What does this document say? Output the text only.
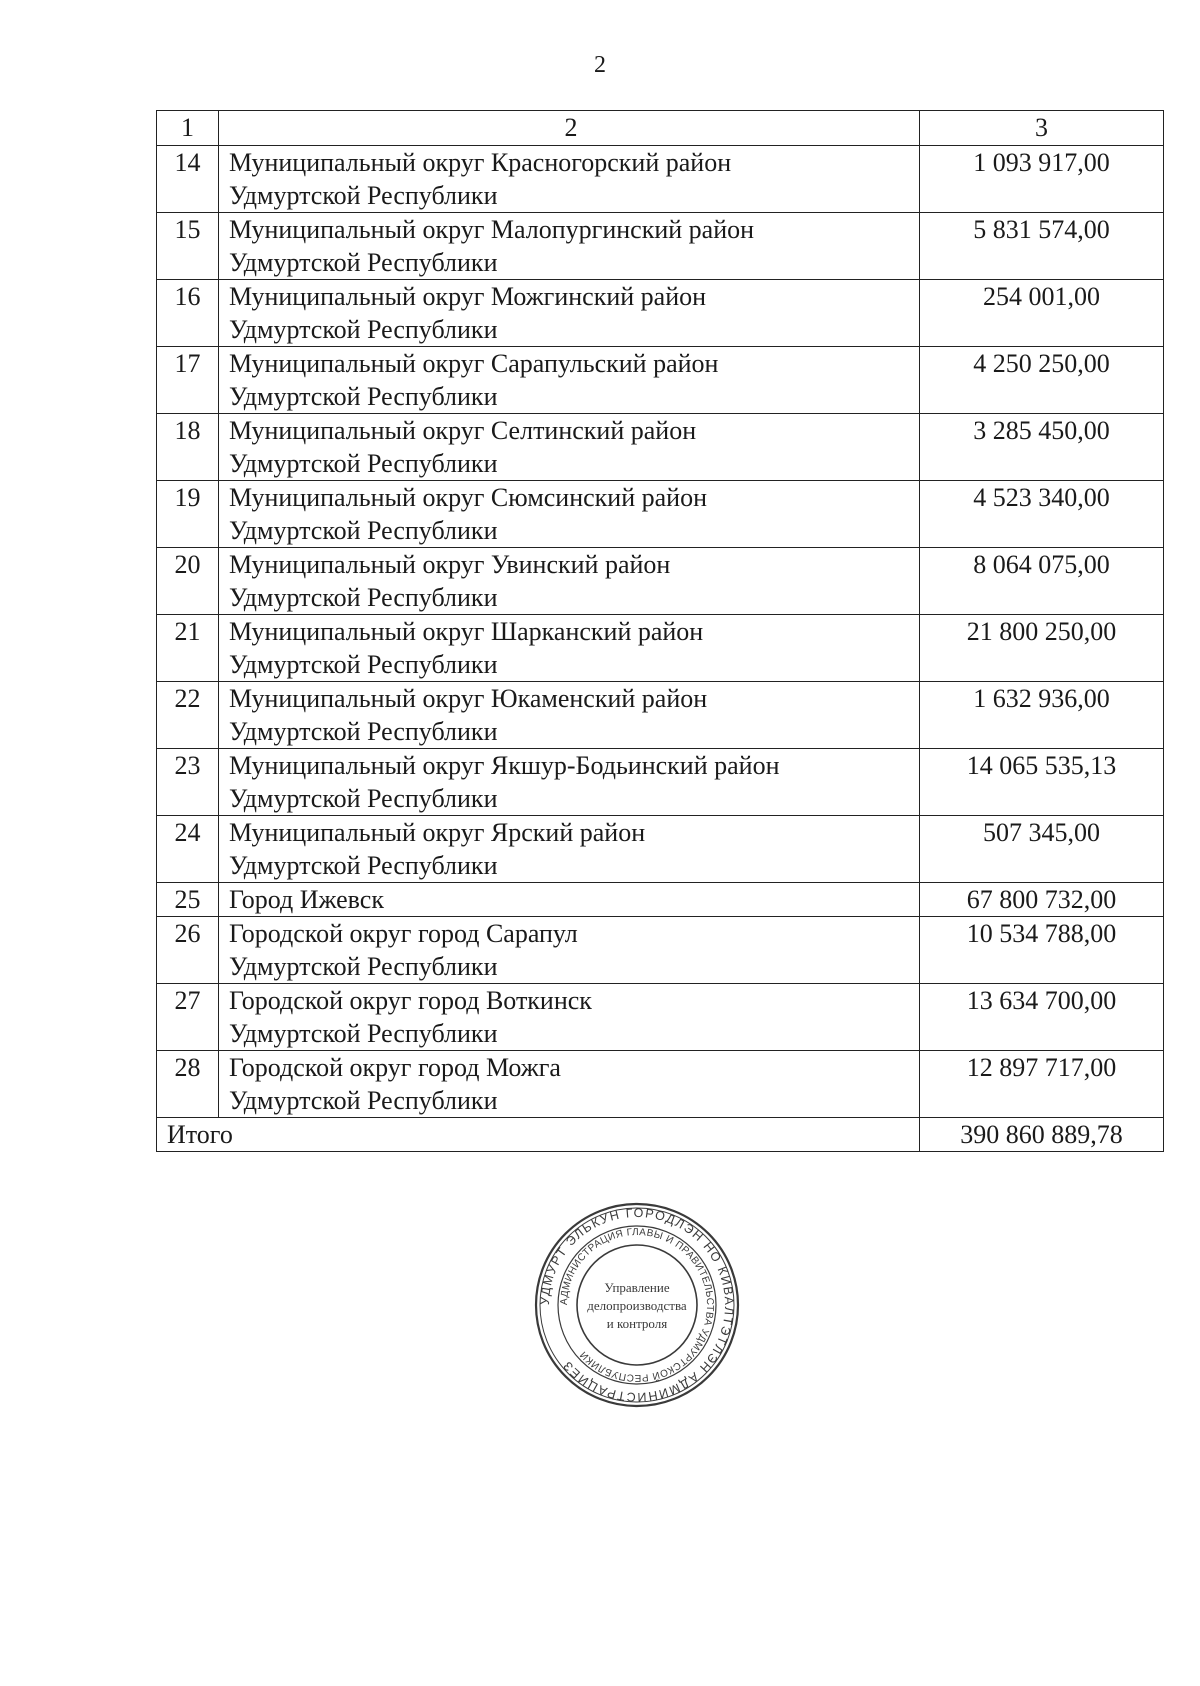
2
1	2	3
14	Муниципальный округ Красногорский район
Удмуртской Республики	1 093 917,00
15	Муниципальный округ Малопургинский район
Удмуртской Республики	5 831 574,00
16	Муниципальный округ Можгинский район
Удмуртской Республики	254 001,00
17	Муниципальный округ Сарапульский район
Удмуртской Республики	4 250 250,00
18	Муниципальный округ Селтинский район
Удмуртской Республики	3 285 450,00
19	Муниципальный округ Сюмсинский район
Удмуртской Республики	4 523 340,00
20	Муниципальный округ Увинский район
Удмуртской Республики	8 064 075,00
21	Муниципальный округ Шарканский район
Удмуртской Республики	21 800 250,00
22	Муниципальный округ Юкаменский район
Удмуртской Республики	1 632 936,00
23	Муниципальный округ Якшур-Бодьинский район
Удмуртской Республики	14 065 535,13
24	Муниципальный округ Ярский район
Удмуртской Республики	507 345,00
25	Город Ижевск	67 800 732,00
26	Городской округ город Сарапул
Удмуртской Республики	10 534 788,00
27	Городской округ город Воткинск
Удмуртской Республики	13 634 700,00
28	Городской округ город Можга
Удмуртской Республики	12 897 717,00
Итого		390 860 889,78
УДМУРТ ЭЛЬКУН ГОРОДЛЭН НО КИВАЛТЭТЛЭН АДМИНИСТРАЦИЕЗ
АДМИНИСТРАЦИЯ ГЛАВЫ И ПРАВИТЕЛЬСТВА УДМУРТСКОЙ РЕСПУБЛИКИ
Управление
делопроизводства
и контроля
